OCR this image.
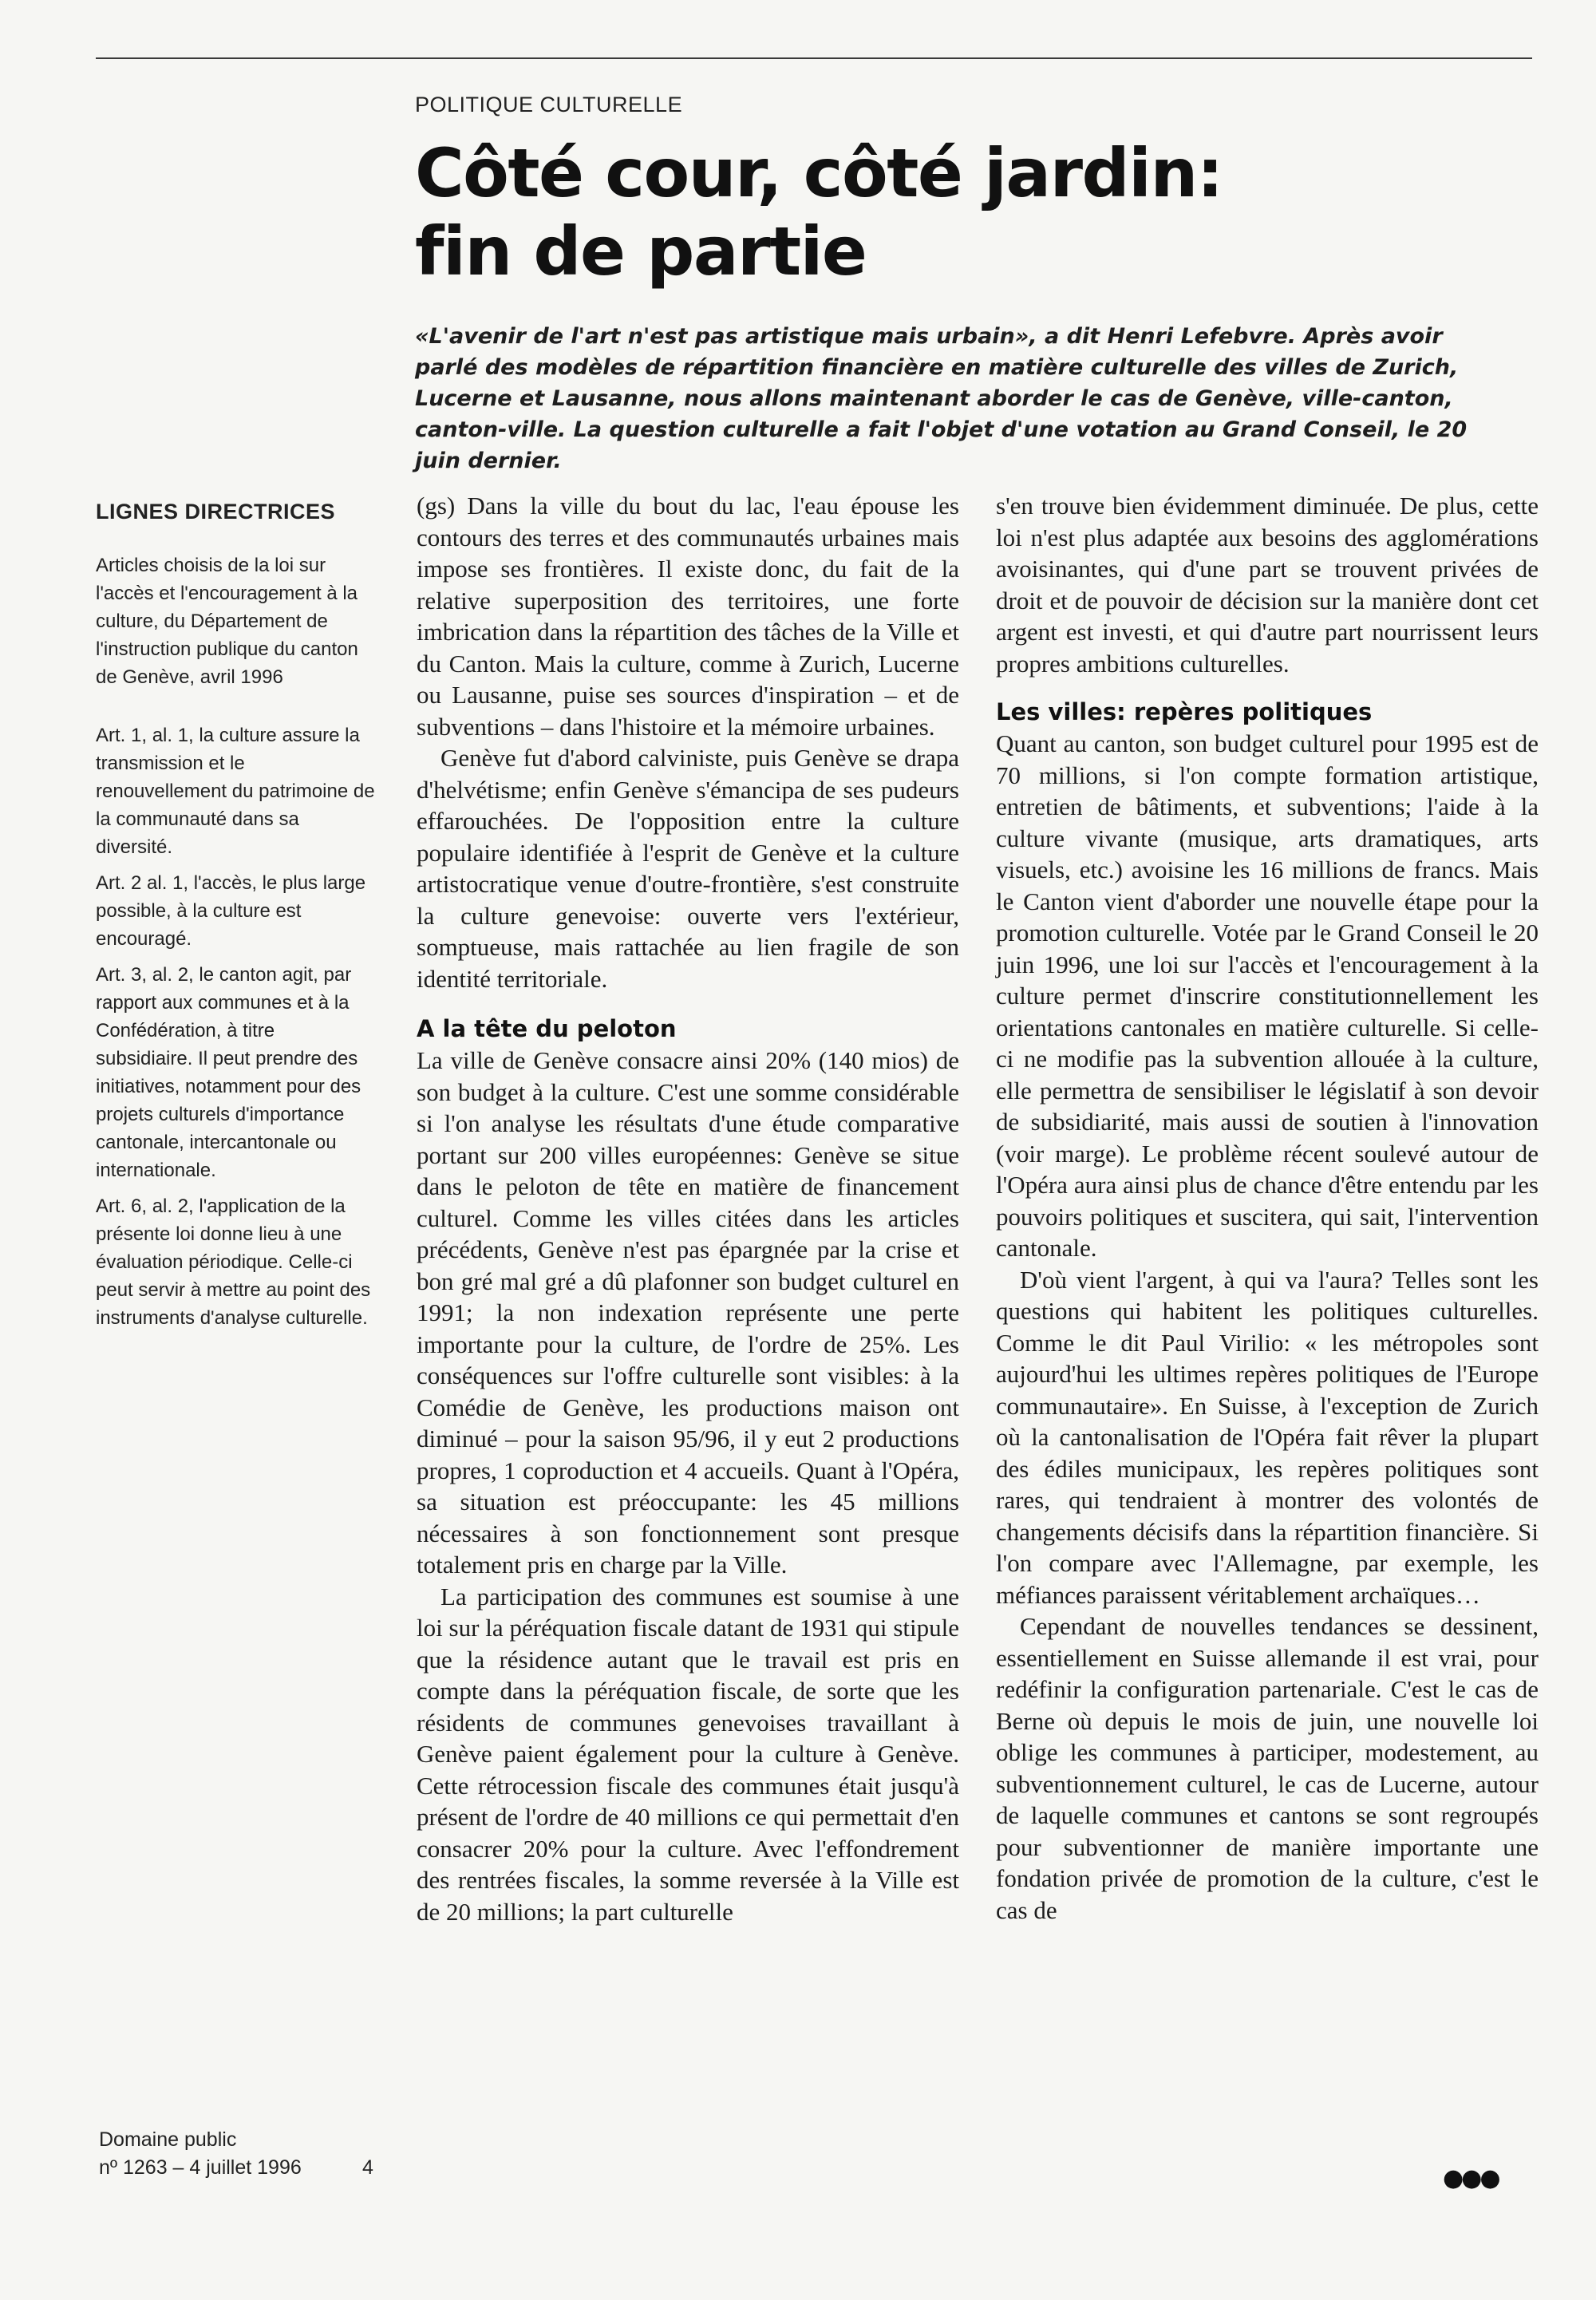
POLITIQUE CULTURELLE
Côté cour, côté jardin:
fin de partie

«L'avenir de l'art n'est pas artistique mais urbain», a dit Henri Lefebvre. Après avoir parlé des modèles de répartition financière en matière culturelle des villes de Zurich, Lucerne et Lausanne, nous allons maintenant aborder le cas de Genève, ville-canton, canton-ville. La question culturelle a fait l'objet d'une votation au Grand Conseil, le 20 juin dernier.

LIGNES DIRECTRICES

Articles choisis de la loi sur l'accès et l'encouragement à la culture, du Département de l'instruction publique du canton de Genève, avril 1996

Art. 1, al. 1, la culture assure la transmission et le renouvellement du patrimoine de la communauté dans sa diversité.

Art. 2 al. 1, l'accès, le plus large possible, à la culture est encouragé.

Art. 3, al. 2, le canton agit, par rapport aux communes et à la Confédération, à titre subsidiaire. Il peut prendre des initiatives, notamment pour des projets culturels d'importance cantonale, intercantonale ou internationale.

Art. 6, al. 2, l'application de la présente loi donne lieu à une évaluation périodique. Celle-ci peut servir à mettre au point des instruments d'analyse culturelle.

(gs) Dans la ville du bout du lac, l'eau épouse les contours des terres et des communautés urbaines mais impose ses frontières. Il existe donc, du fait de la relative superposition des territoires, une forte imbrication dans la répartition des tâches de la Ville et du Canton. Mais la culture, comme à Zurich, Lucerne ou Lausanne, puise ses sources d'inspiration – et de subventions – dans l'histoire et la mémoire urbaines.

Genève fut d'abord calviniste, puis Genève se drapa d'helvétisme; enfin Genève s'émancipa de ses pudeurs effarouchées. De l'opposition entre la culture populaire identifiée à l'esprit de Genève et la culture artistocratique venue d'outre-frontière, s'est construite la culture genevoise: ouverte vers l'extérieur, somptueuse, mais rattachée au lien fragile de son identité territoriale.

A la tête du peloton

La ville de Genève consacre ainsi 20% (140 mios) de son budget à la culture. C'est une somme considérable si l'on analyse les résultats d'une étude comparative portant sur 200 villes européennes: Genève se situe dans le peloton de tête en matière de financement culturel. Comme les villes citées dans les articles précédents, Genève n'est pas épargnée par la crise et bon gré mal gré a dû plafonner son budget culturel en 1991; la non indexation représente une perte importante pour la culture, de l'ordre de 25%. Les conséquences sur l'offre culturelle sont visibles: à la Comédie de Genève, les productions maison ont diminué – pour la saison 95/96, il y eut 2 productions propres, 1 coproduction et 4 accueils. Quant à l'Opéra, sa situation est préoccupante: les 45 millions nécessaires à son fonctionnement sont presque totalement pris en charge par la Ville.

La participation des communes est soumise à une loi sur la péréquation fiscale datant de 1931 qui stipule que la résidence autant que le travail est pris en compte dans la péréquation fiscale, de sorte que les résidents de communes genevoises travaillant à Genève paient également pour la culture à Genève. Cette rétrocession fiscale des communes était jusqu'à présent de l'ordre de 40 millions ce qui permettait d'en consacrer 20% pour la culture. Avec l'effondrement des rentrées fiscales, la somme reversée à la Ville est de 20 millions; la part culturelle

s'en trouve bien évidemment diminuée. De plus, cette loi n'est plus adaptée aux besoins des agglomérations avoisinantes, qui d'une part se trouvent privées de droit et de pouvoir de décision sur la manière dont cet argent est investi, et qui d'autre part nourrissent leurs propres ambitions culturelles.

Les villes: repères politiques

Quant au canton, son budget culturel pour 1995 est de 70 millions, si l'on compte formation artistique, entretien de bâtiments, et subventions; l'aide à la culture vivante (musique, arts dramatiques, arts visuels, etc.) avoisine les 16 millions de francs. Mais le Canton vient d'aborder une nouvelle étape pour la promotion culturelle. Votée par le Grand Conseil le 20 juin 1996, une loi sur l'accès et l'encouragement à la culture permet d'inscrire constitutionnellement les orientations cantonales en matière culturelle. Si celle-ci ne modifie pas la subvention allouée à la culture, elle permettra de sensibiliser le législatif à son devoir de subsidiarité, mais aussi de soutien à l'innovation (voir marge). Le problème récent soulevé autour de l'Opéra aura ainsi plus de chance d'être entendu par les pouvoirs politiques et suscitera, qui sait, l'intervention cantonale.

D'où vient l'argent, à qui va l'aura? Telles sont les questions qui habitent les politiques culturelles. Comme le dit Paul Virilio: « les métropoles sont aujourd'hui les ultimes repères politiques de l'Europe communautaire». En Suisse, à l'exception de Zurich où la cantonalisation de l'Opéra fait rêver la plupart des édiles municipaux, les repères politiques sont rares, qui tendraient à montrer des volontés de changements décisifs dans la répartition financière. Si l'on compare avec l'Allemagne, par exemple, les méfiances paraissent véritablement archaïques…

Cependant de nouvelles tendances se dessinent, essentiellement en Suisse allemande il est vrai, pour redéfinir la configuration partenariale. C'est le cas de Berne où depuis le mois de juin, une nouvelle loi oblige les communes à participer, modestement, au subventionnement culturel, le cas de Lucerne, autour de laquelle communes et cantons se sont regroupés pour subventionner de manière importante une fondation privée de promotion de la culture, c'est le cas de

Domaine public
nº 1263 – 4 juillet 1996	4	●●●
